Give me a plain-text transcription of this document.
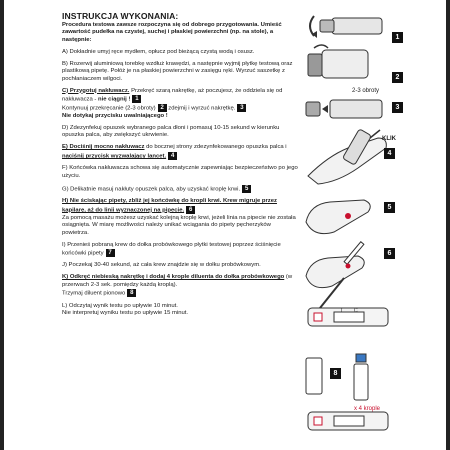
INSTRUKCJA WYKONANIA:
Procedura testowa zawsze rozpoczyna się od dobrego przygotowania. Umieść zawartość pudełka na czystej, suchej i płaskiej powierzchni (np. na stole), a następnie:
A) Dokładnie umyj ręce mydłem, opłucz pod bieżącą czystą wodą i osusz.
B) Rozerwij aluminiową torebkę wzdłuż krawędzi, a następnie wyjmij płytkę testową oraz plastikową pipetę. Połóż je na płaskiej powierzchni w zasięgu ręki. Wyrzuć saszetkę z pochłaniaczem wilgoci.
C) Przygotuj nakłuwacz. Przekręć szarą nakrętkę, aż poczujesz, że oddziela się od nakłuwacza - nie ciągnij ! 1
Kontynuuj przekręcanie (2-3 obroty) 2 zdejmij i wyrzuć nakrętkę. 3
Nie dotykaj przycisku uwalniającego !
D) Zdezynfekuj opuszek wybranego palca dłoni i pomasuj 10-15 sekund w kierunku opuszka palca, aby zwiększyć ukrwienie.
E) Dociśnij mocno nakłuwacz do bocznej strony zdezynfekowanego opuszka palca i naciśnij przycisk wyzwalający lancet. 4
F) Końcówka nakłuwacza schowa się automatycznie zapewniając bezpieczeństwo po jego użyciu.
G) Delikatnie masuj nakłuty opuszek palca, aby uzyskać kroplę krwi. 5
H) Nie ściskając pipety, zbliż jej końcówkę do kropli krwi. Krew migruje przez kapilarę, aż do linii wyznaczonej na pipecie. 6
Za pomocą masażu możesz uzyskać kolejną kroplę krwi, jeżeli linia na pipecie nie została osiągnięta. W miarę możliwości należy unikać wciągania do pipety pęcherzyków powietrza.
I) Przenieś pobraną krew do dołka probówkowego płytki testowej poprzez ściśnięcie końcówki pipety 7
J) Poczekaj 30-40 sekund, aż cała krew znajdzie się w dołku probówkowym.
K) Odkręć niebieską nakrętkę i dodaj 4 krople diluenta do dołka probówkowego (w przerwach 2-3 sek. pomiędzy każdą kroplą).
Trzymaj diluent pionowo 8
L) Odczytaj wynik testu po upływie 10 minut.
Nie interpretuj wyniku testu po upływie 15 minut.
2-3 obroty
KLIK
x 4 krople
T C
1
2
3
4
5
6
8
